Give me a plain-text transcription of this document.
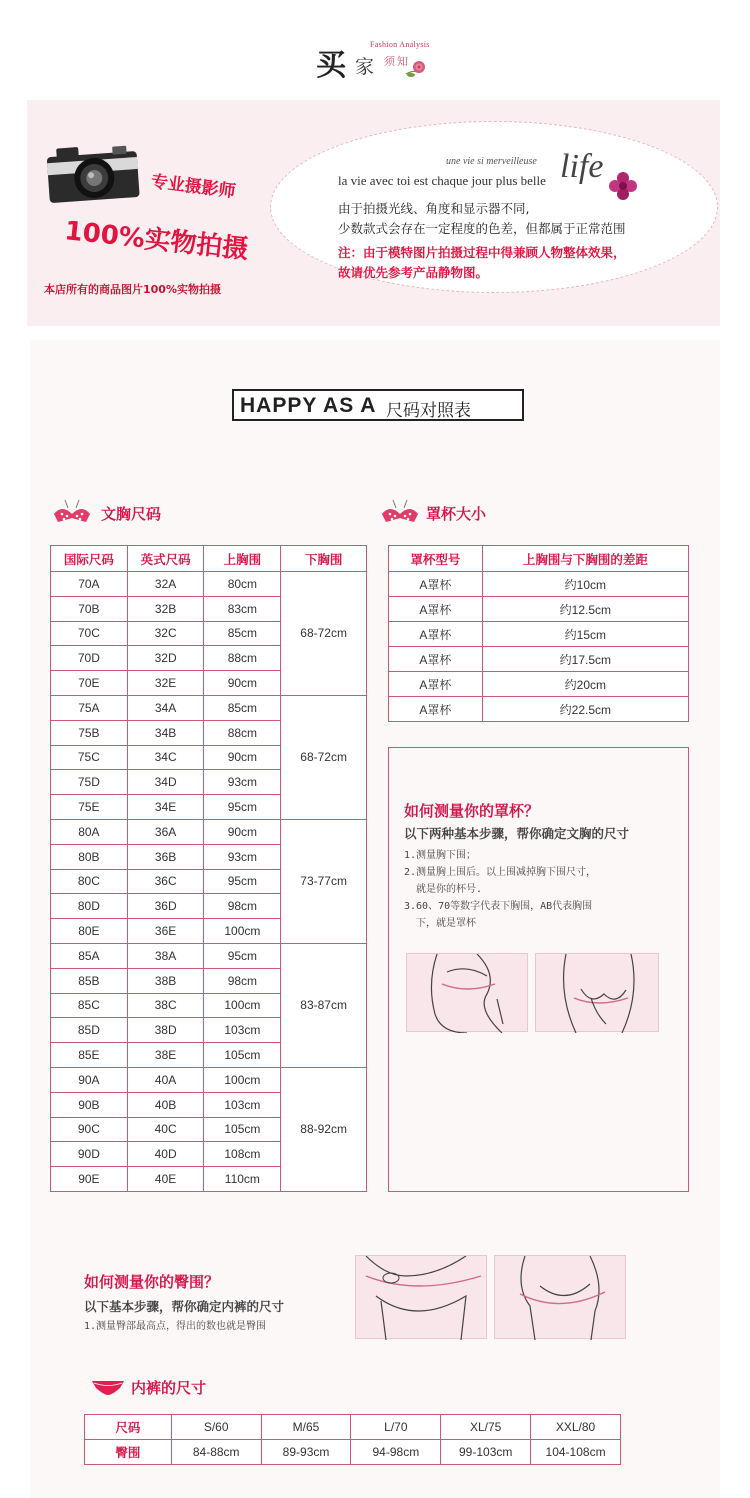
买 家
Fashion Analysis
须知
专业摄影师
100%实物拍摄
本店所有的商品图片100%实物拍摄
une vie si merveilleuse
la vie avec toi est chaque jour plus belle life
由于拍摄光线、角度和显示器不同,
少数款式会存在一定程度的色差，但都属于正常范围
注：由于模特图片拍摄过程中得兼顾人物整体效果，
故请优先参考产品静物图。
HAPPY AS A 尺码对照表
文胸尺码	罩杯大小
国际尺码	英式尺码	上胸围	下胸围
70A	32A	80cm	68-72cm
70B	32B	83cm	
70C	32C	85cm	
70D	32D	88cm	
70E	32E	90cm	
75A	34A	85cm	68-72cm
75B	34B	88cm	
75C	34C	90cm	
75D	34D	93cm	
75E	34E	95cm	
80A	36A	90cm	73-77cm
80B	36B	93cm	
80C	36C	95cm	
80D	36D	98cm	
80E	36E	100cm	
85A	38A	95cm	83-87cm
85B	38B	98cm	
85C	38C	100cm	
85D	38D	103cm	
85E	38E	105cm	
90A	40A	100cm	88-92cm
90B	40B	103cm	
90C	40C	105cm	
90D	40D	108cm	
90E	40E	110cm	
罩杯型号	上胸围与下胸围的差距
A罩杯	约10cm
A罩杯	约12.5cm
A罩杯	约15cm
A罩杯	约17.5cm
A罩杯	约20cm
A罩杯	约22.5cm
如何测量你的罩杯？
以下两种基本步骤，帮你确定文胸的尺寸
1.测量胸下围；
2.测量胸上围后。以上围减掉胸下围尺寸，
就是你的杯号.
3.60、70等数字代表下胸围，AB代表胸围
下，就是罩杯
如何测量你的臀围？
以下基本步骤，帮你确定内裤的尺寸
1.测量臀部最高点，得出的数也就是臀围
内裤的尺寸
尺码	S/60	M/65	L/70	XL/75	XXL/80
臀围	84-88cm	89-93cm	94-98cm	99-103cm	104-108cm
